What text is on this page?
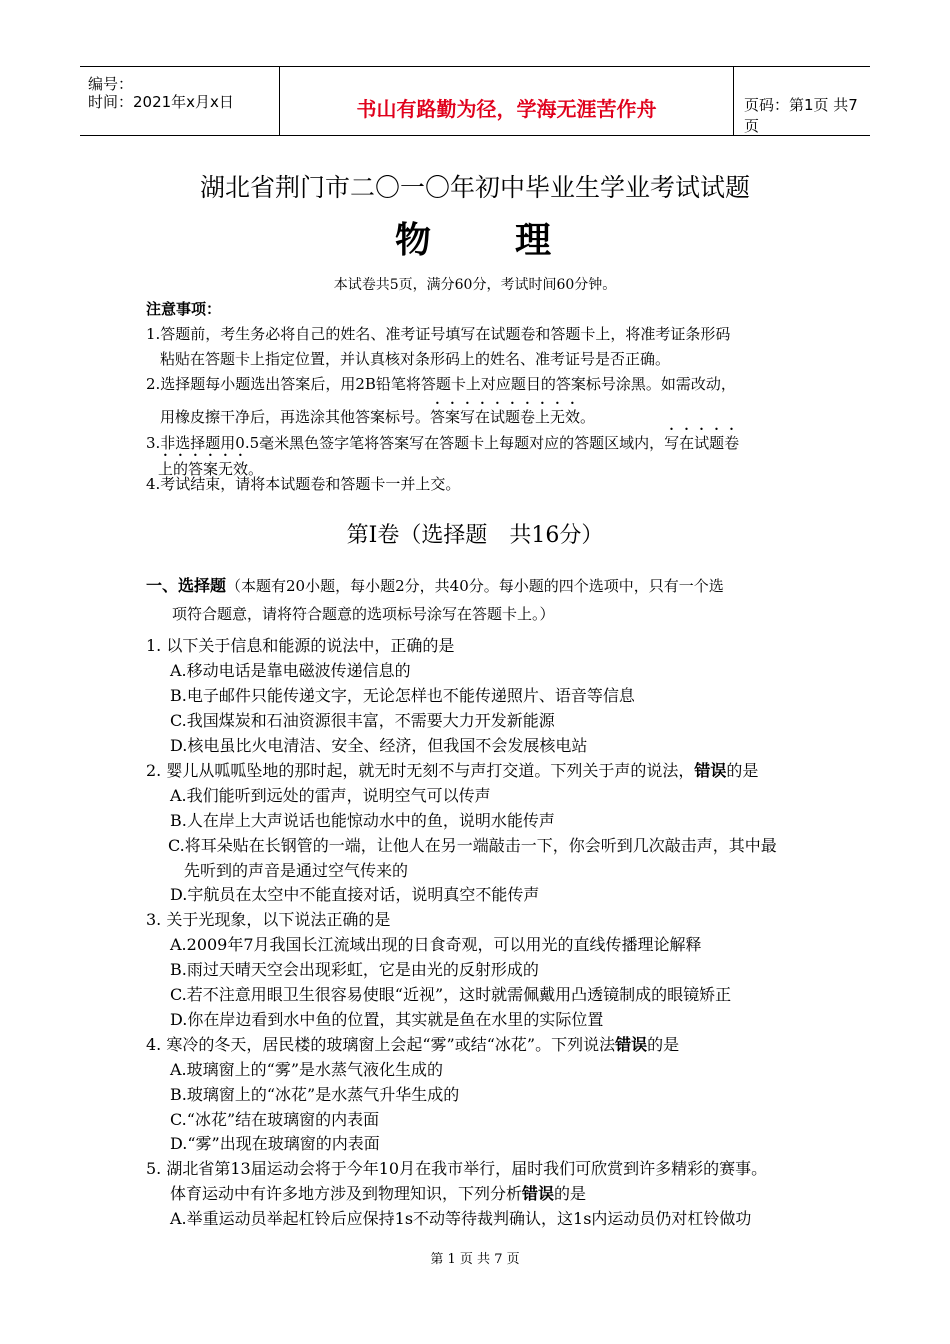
编号：
时间：2021年x月x日	书山有路勤为径，学海无涯苦作舟	页码：第1页 共7页
湖北省荆门市二〇一〇年初中毕业生学业考试试题
物　　理
本试卷共5页，满分60分，考试时间60分钟。
注意事项：
1.答题前，考生务必将自己的姓名、准考证号填写在试题卷和答题卡上，将准考证条形码
粘贴在答题卡上指定位置，并认真核对条形码上的姓名、准考证号是否正确。
2.选择题每小题选出答案后，用2B铅笔将答题卡上对应题目的答案标号涂黑。如需改动，
用橡皮擦干净后，再选涂其他答案标号。答案写在试题卷上无效。
3.非选择题用0.5毫米黑色签字笔将答案写在答题卡上每题对应的答题区域内，写在试题卷
上的答案无效。
4.考试结束，请将本试题卷和答题卡一并上交。
第Ⅰ卷（选择题　共16分）
一、选择题（本题有20小题，每小题2分，共40分。每小题的四个选项中，只有一个选
项符合题意，请将符合题意的选项标号涂写在答题卡上。）
1. 以下关于信息和能源的说法中，正确的是
A.移动电话是靠电磁波传递信息的
B.电子邮件只能传递文字，无论怎样也不能传递照片、语音等信息
C.我国煤炭和石油资源很丰富，不需要大力开发新能源
D.核电虽比火电清洁、安全、经济，但我国不会发展核电站
2. 婴儿从呱呱坠地的那时起，就无时无刻不与声打交道。下列关于声的说法，错误的是
A.我们能听到远处的雷声，说明空气可以传声
B.人在岸上大声说话也能惊动水中的鱼，说明水能传声
C.将耳朵贴在长钢管的一端，让他人在另一端敲击一下，你会听到几次敲击声，其中最
先听到的声音是通过空气传来的
D.宇航员在太空中不能直接对话，说明真空不能传声
3. 关于光现象，以下说法正确的是
A.2009年7月我国长江流域出现的日食奇观，可以用光的直线传播理论解释
B.雨过天晴天空会出现彩虹，它是由光的反射形成的
C.若不注意用眼卫生很容易使眼“近视”，这时就需佩戴用凸透镜制成的眼镜矫正
D.你在岸边看到水中鱼的位置，其实就是鱼在水里的实际位置
4. 寒冷的冬天，居民楼的玻璃窗上会起“雾”或结“冰花”。下列说法错误的是
A.玻璃窗上的“雾”是水蒸气液化生成的
B.玻璃窗上的“冰花”是水蒸气升华生成的
C.“冰花”结在玻璃窗的内表面
D.“雾”出现在玻璃窗的内表面
5. 湖北省第13届运动会将于今年10月在我市举行，届时我们可欣赏到许多精彩的赛事。
体育运动中有许多地方涉及到物理知识，下列分析错误的是
A.举重运动员举起杠铃后应保持1s不动等待裁判确认，这1s内运动员仍对杠铃做功
第 1 页 共 7 页
